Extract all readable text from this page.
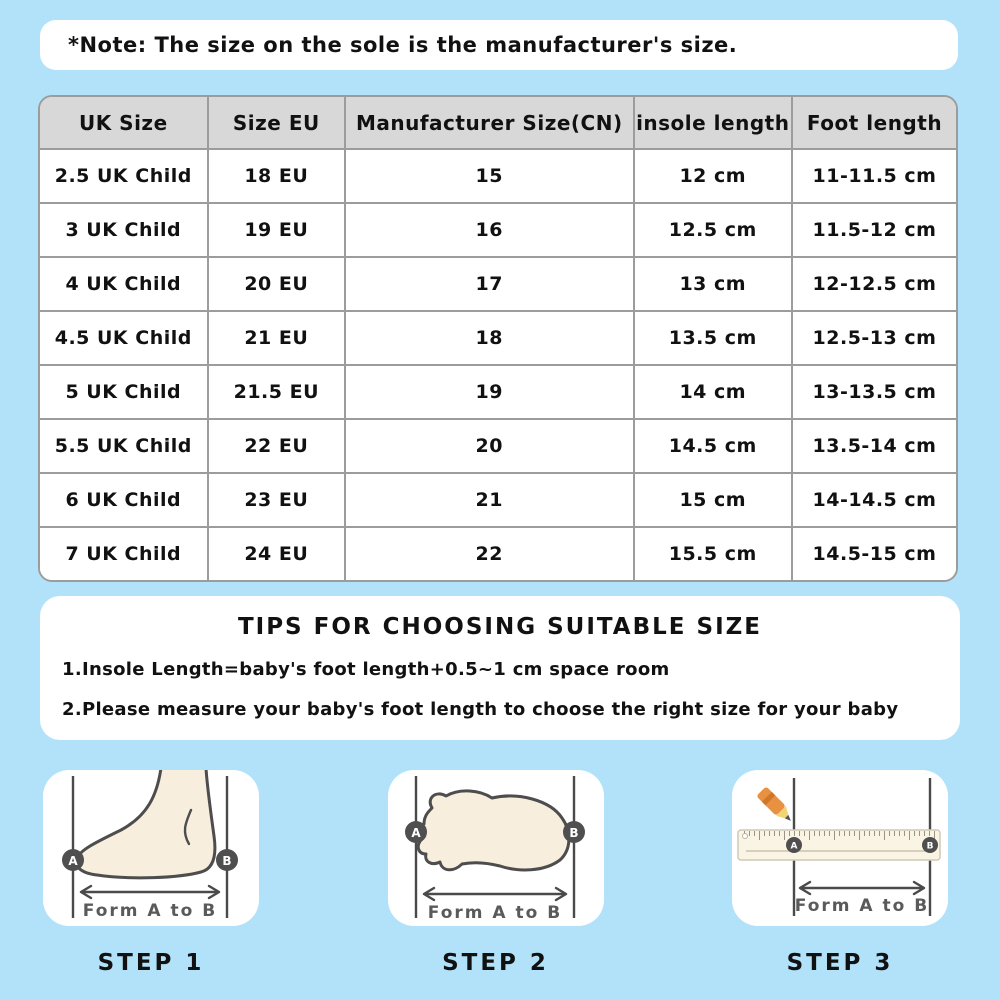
*Note: The size on the sole is the manufacturer's size.
UK Size	Size EU	Manufacturer Size(CN)	insole length	Foot length
2.5 UK Child	18 EU	15	12 cm	11-11.5 cm
3 UK Child	19 EU	16	12.5 cm	11.5-12 cm
4 UK Child	20 EU	17	13 cm	12-12.5 cm
4.5 UK Child	21 EU	18	13.5 cm	12.5-13 cm
5 UK Child	21.5 EU	19	14 cm	13-13.5 cm
5.5 UK Child	22 EU	20	14.5 cm	13.5-14 cm
6 UK Child	23 EU	21	15 cm	14-14.5 cm
7 UK Child	24 EU	22	15.5 cm	14.5-15 cm
TIPS FOR CHOOSING SUITABLE SIZE
1.Insole Length=baby's foot length+0.5~1 cm space room
2.Please measure your baby's foot length to choose the right size for your baby
A	B
Form A to B
STEP 1
A	B
Form A to B
STEP 2
A	B
Form A to B
STEP 3
